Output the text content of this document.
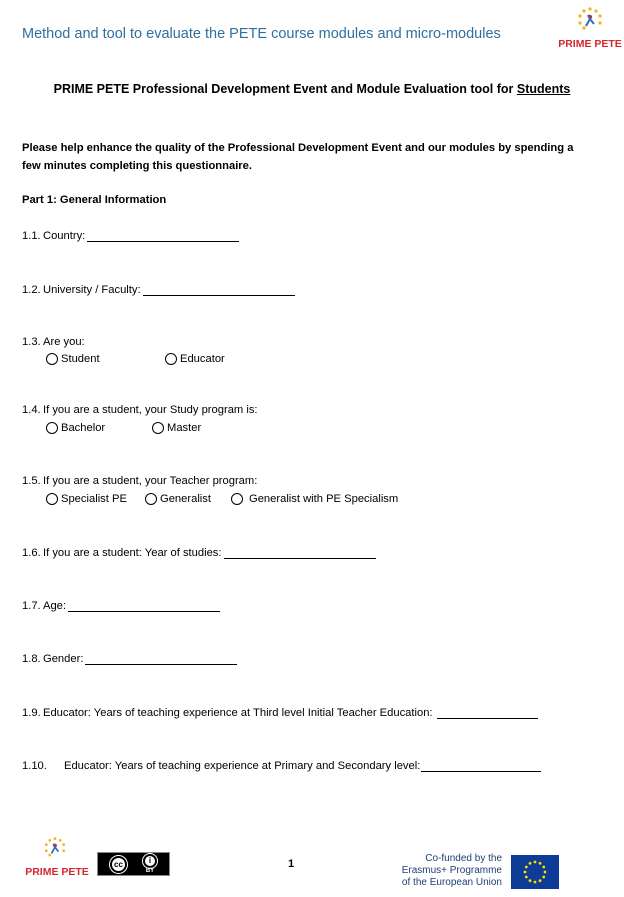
Method and tool to evaluate the PETE course modules and micro-modules
PRIME PETE
PRIME PETE Professional Development Event and Module Evaluation tool for Students
Please help enhance the quality of the Professional Development Event and our modules by spending a few minutes completing this questionnaire.
Part 1: General Information
1.1. Country:
1.2. University / Faculty:
1.3. Are you:
Student	Educator
1.4. If you are a student, your Study program is:
Bachelor	Master
1.5. If you are a student, your Teacher program:
Specialist PE	Generalist	Generalist with PE Specialism
1.6. If you are a student: Year of studies:
1.7. Age:
1.8. Gender:
1.9. Educator: Years of teaching experience at Third level Initial Teacher Education:
1.10.	Educator: Years of teaching experience at Primary and Secondary level:
PRIME PETE
cc	i
BY
1	Co-funded by the
Erasmus+ Programme
of the European Union
